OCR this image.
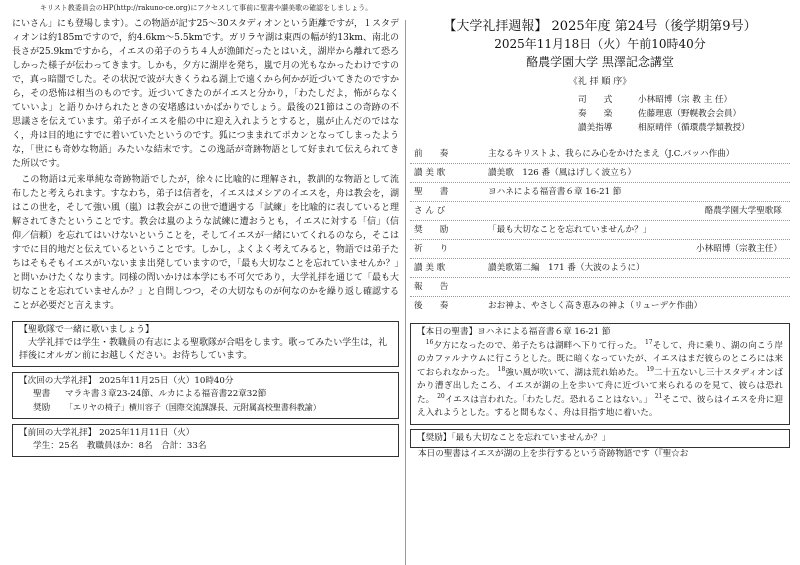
キリスト教委員会のHP(http://rakuno-ce.org)にアクセスして事前に聖書や讃美歌の確認をしましょう。

にいさん」にも登場します）。この物語が記す25～30スタディオンという距離ですが，１スタディオンは約185mですので，約4.6km～5.5kmです。ガリラヤ湖は東西の幅が約13km、南北の長さが25.9kmですから，イエスの弟子のうち４人が漁師だったとはいえ，湖岸から離れて恐ろしかった様子が伝わってきます。しかも，夕方に湖岸を発ち，嵐で月の光もなかったわけですので，真っ暗闇でした。その状況で波が大きくうねる湖上で遠くから何かが近づいてきたのですから，その恐怖は相当のものです。近づいてきたのがイエスと分かり，「わたしだよ，怖がらなくていいよ」と語りかけられたときの安堵感はいかばかりでしょう。最後の21節はこの奇跡の不思議さを伝えています。弟子がイエスを船の中に迎え入れようとすると，嵐が止んだのではなく，舟は目的地にすでに着いていたというのです。狐につままれてポカンとなってしまったような，「世にも奇妙な物語」みたいな結末です。この逸話が奇跡物語として好まれて伝えられてきた所以です。

　この物語は元来単純な奇跡物語でしたが，徐々に比喩的に理解され，教訓的な物語として流布したと考えられます。すなわち，弟子は信者を，イエスはメシアのイエスを，舟は教会を，湖はこの世を，そして強い風（嵐）は教会がこの世で遭遇する「試練」を比喩的に表していると理解されてきたということです。教会は嵐のような試練に遭おうとも，イエスに対する「信」（信仰／信頼）を忘れてはいけないということを，そしてイエスが一緒にいてくれるのなら，そこはすでに目的地だと伝えているということです。しかし，よくよく考えてみると，物語では弟子たちはそもそもイエスがいないまま出発していますので，「最も大切なことを忘れていませんか？」と問いかけたくなります。同様の問いかけは本学にも不可欠であり，大学礼拝を通じて「最も大切なことを忘れていませんか？」と自問しつつ，その大切なものが何なのかを繰り返し確認することが必要だと言えます。

【聖歌隊で一緒に歌いましょう】
　大学礼拝では学生・教職員の有志による聖歌隊が合唱をします。歌ってみたい学生は，礼拝後にオルガン前にお越しください。お待ちしています。
【次回の大学礼拝】 2025年11月25日（火）10時40分
聖書 マラキ書３章23-24節、ルカによる福音書22章32節
奨励 「エリヤの椅子」横川容子（国際交流課課長、元附属高校聖書科教諭）
【前回の大学礼拝】 2025年11月11日（火）
学生：25名　教職員ほか：8名　合計：33名
【大学礼拝週報】 2025年度 第24号（後学期第9号）
2025年11月18日（火）午前10時40分
酪農学園大学 黒澤記念講堂
《礼 拝 順 序》
司　　式	小林昭博（宗 教 主 任）
奏　　楽	佐藤理恵（野幌教会会員）
讃美指導	相原晴伴（循環農学類教授）
前　　奏	主なるキリストよ、我らにみ心をかけたまえ（J.C.バッハ作曲）
讃 美 歌	讃美歌　126 番（風はげしく波立ち）
聖　　書	ヨハネによる福音書６章 16-21 節
さ ん び	酪農学園大学聖歌隊
奨　　励	「最も大切なことを忘れていませんか？」
祈　　り	小林昭博（宗教主任）
讃 美 歌	讃美歌第二編　171 番（大波のように）
報　　告
後　　奏	おお神よ、やさしく高き恵みの神よ（リューデケ作曲）
【本日の聖書】ヨハネによる福音書６章 16-21 節

　$^{16}$夕方になったので、弟子たちは湖畔へ下りて行った。 $^{17}$そして、舟に乗り、湖の向こう岸のカファルナウムに行こうとした。既に暗くなっていたが、イエスはまだ彼らのところには来ておられなかった。 $^{18}$強い風が吹いて、湖は荒れ始めた。 $^{19}$二十五ないし三十スタディオンばかり漕ぎ出したころ、イエスが湖の上を歩いて舟に近づいて来られるのを見て、彼らは恐れた。 $^{20}$イエスは言われた。「わたしだ。恐れることはない。」 $^{21}$そこで、彼らはイエスを舟に迎え入れようとした。すると間もなく、舟は目指す地に着いた。

【奨励】「最も大切なことを忘れていませんか？」
本日の聖書はイエスが湖の上を歩行するという奇跡物語です（『聖☆お
